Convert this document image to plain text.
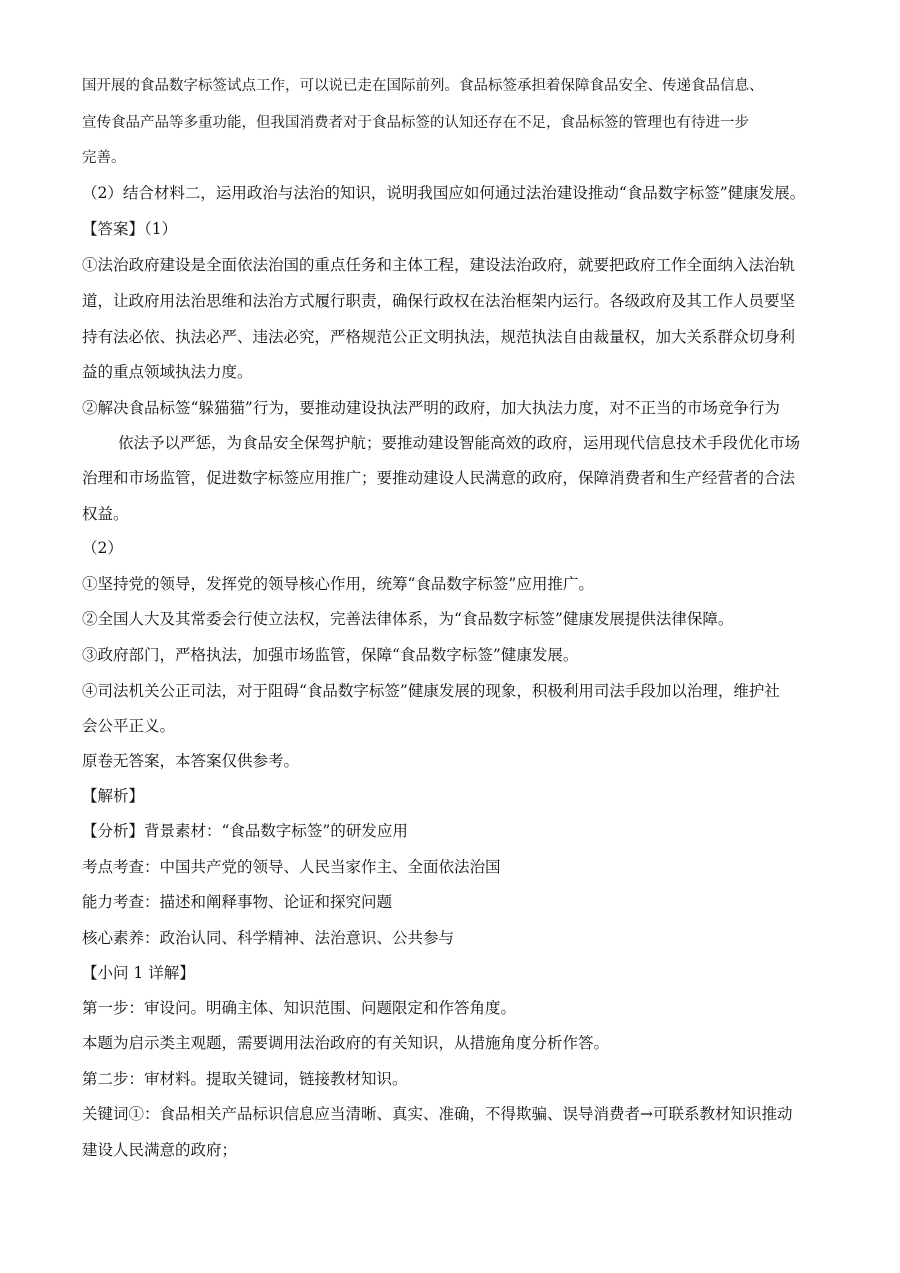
国开展的食品数字标签试点工作，可以说已走在国际前列。食品标签承担着保障食品安全、传递食品信息、
宣传食品产品等多重功能，但我国消费者对于食品标签的认知还存在不足，食品标签的管理也有待进一步
完善。
（2）结合材料二，运用政治与法治的知识，说明我国应如何通过法治建设推动“食品数字标签”健康发展。
【答案】（1）
①法治政府建设是全面依法治国的重点任务和主体工程，建设法治政府，就要把政府工作全面纳入法治轨
道，让政府用法治思维和法治方式履行职责，确保行政权在法治框架内运行。各级政府及其工作人员要坚
持有法必依、执法必严、违法必究，严格规范公正文明执法，规范执法自由裁量权，加大关系群众切身利
益的重点领域执法力度。
②解决食品标签“躲猫猫”行为，要推动建设执法严明的政府，加大执法力度，对不正当的市场竞争行为
依法予以严惩，为食品安全保驾护航；要推动建设智能高效的政府，运用现代信息技术手段优化市场
治理和市场监管，促进数字标签应用推广；要推动建设人民满意的政府，保障消费者和生产经营者的合法
权益。
（2）
①坚持党的领导，发挥党的领导核心作用，统筹“食品数字标签”应用推广。
②全国人大及其常委会行使立法权，完善法律体系，为“食品数字标签”健康发展提供法律保障。
③政府部门，严格执法，加强市场监管，保障“食品数字标签”健康发展。
④司法机关公正司法，对于阻碍“食品数字标签”健康发展的现象，积极利用司法手段加以治理，维护社
会公平正义。
原卷无答案，本答案仅供参考。
【解析】
【分析】背景素材：“食品数字标签”的研发应用
考点考查：中国共产党的领导、人民当家作主、全面依法治国
能力考查：描述和阐释事物、论证和探究问题
核心素养：政治认同、科学精神、法治意识、公共参与
【小问 1 详解】
第一步：审设问。明确主体、知识范围、问题限定和作答角度。
本题为启示类主观题，需要调用法治政府的有关知识，从措施角度分析作答。
第二步：审材料。提取关键词，链接教材知识。
关键词①：食品相关产品标识信息应当清晰、真实、准确，不得欺骗、误导消费者→可联系教材知识推动
建设人民满意的政府；
